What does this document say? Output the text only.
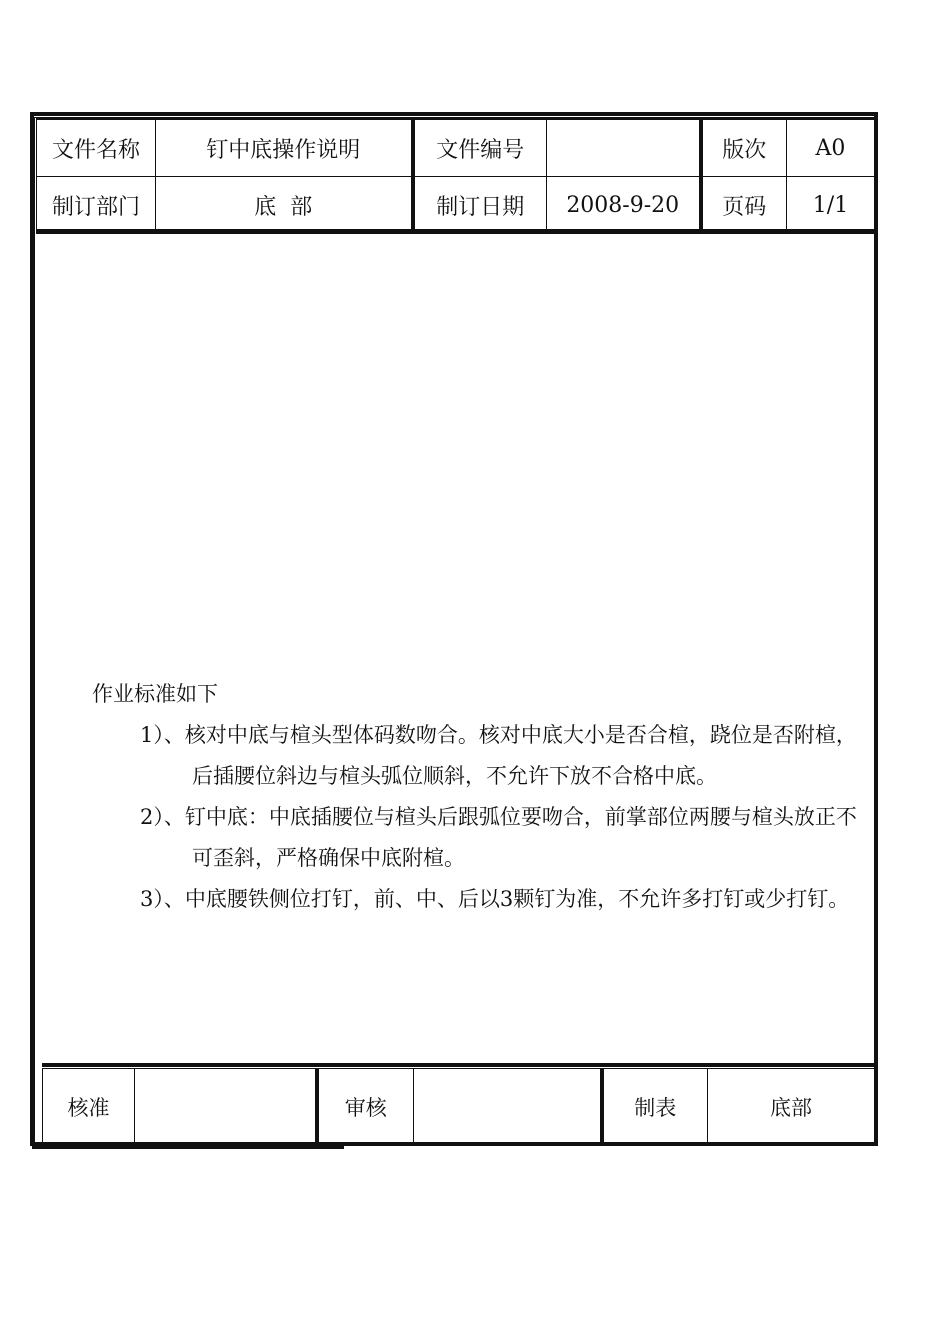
文件名称	钉中底操作说明	文件编号		版次	A0
制订部门	底  部	制订日期	2008-9-20	页码	1/1

作业标准如下

1）、核对中底与楦头型体码数吻合。核对中底大小是否合楦，跷位是否附楦，后插腰位斜边与楦头弧位顺斜，不允许下放不合格中底。

2）、钉中底：中底插腰位与楦头后跟弧位要吻合，前掌部位两腰与楦头放正不可歪斜，严格确保中底附楦。

3）、中底腰铁侧位打钉，前、中、后以3颗钉为准，不允许多打钉或少打钉。

核准		审核		制表	底部
